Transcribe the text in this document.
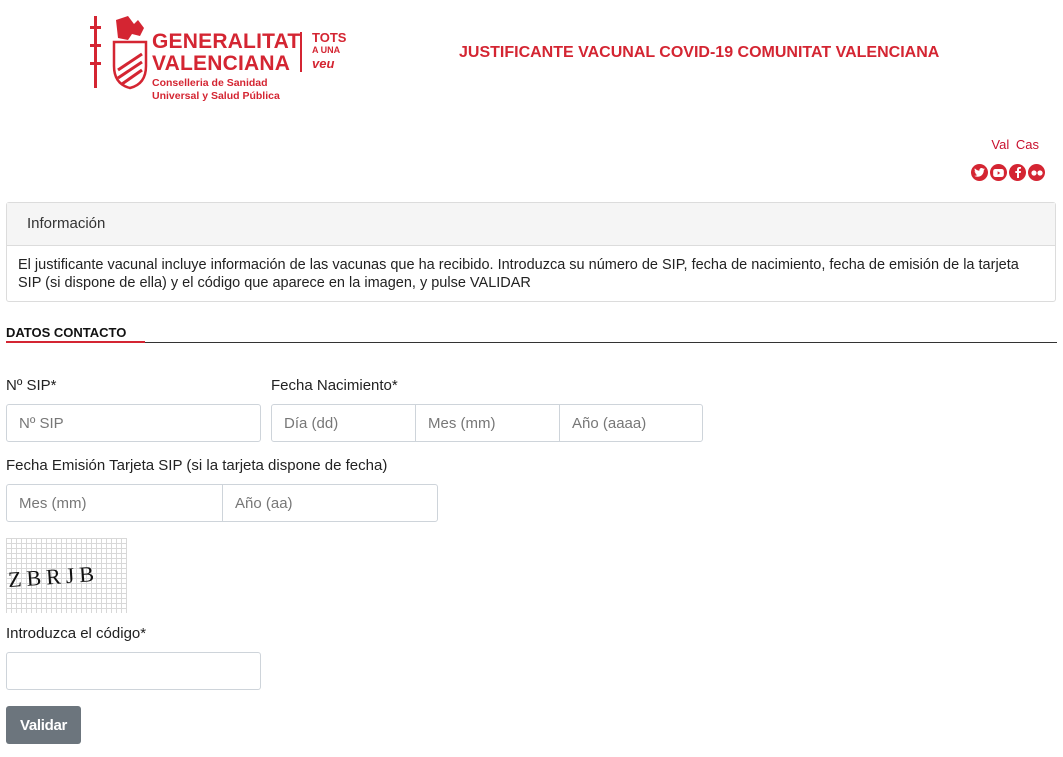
GENERALITAT
VALENCIANA
TOTS
A UNA
veu
Conselleria de Sanidad
Universal y Salud Pública
JUSTIFICANTE VACUNAL COVID-19 COMUNITAT VALENCIANA
Val Cas
Información
El justificante vacunal incluye información de las vacunas que ha recibido. Introduzca su número de SIP, fecha de nacimiento, fecha de emisión de la tarjeta SIP (si dispone de ella) y el código que aparece en la imagen, y pulse VALIDAR
DATOS CONTACTO
Nº SIP*
Nº SIP
Fecha Nacimiento*
Día (dd)	Mes (mm)	Año (aaaa)
Fecha Emisión Tarjeta SIP (si la tarjeta dispone de fecha)
Mes (mm)	Año (aa)
ZBRJB
Introduzca el código*
Validar
